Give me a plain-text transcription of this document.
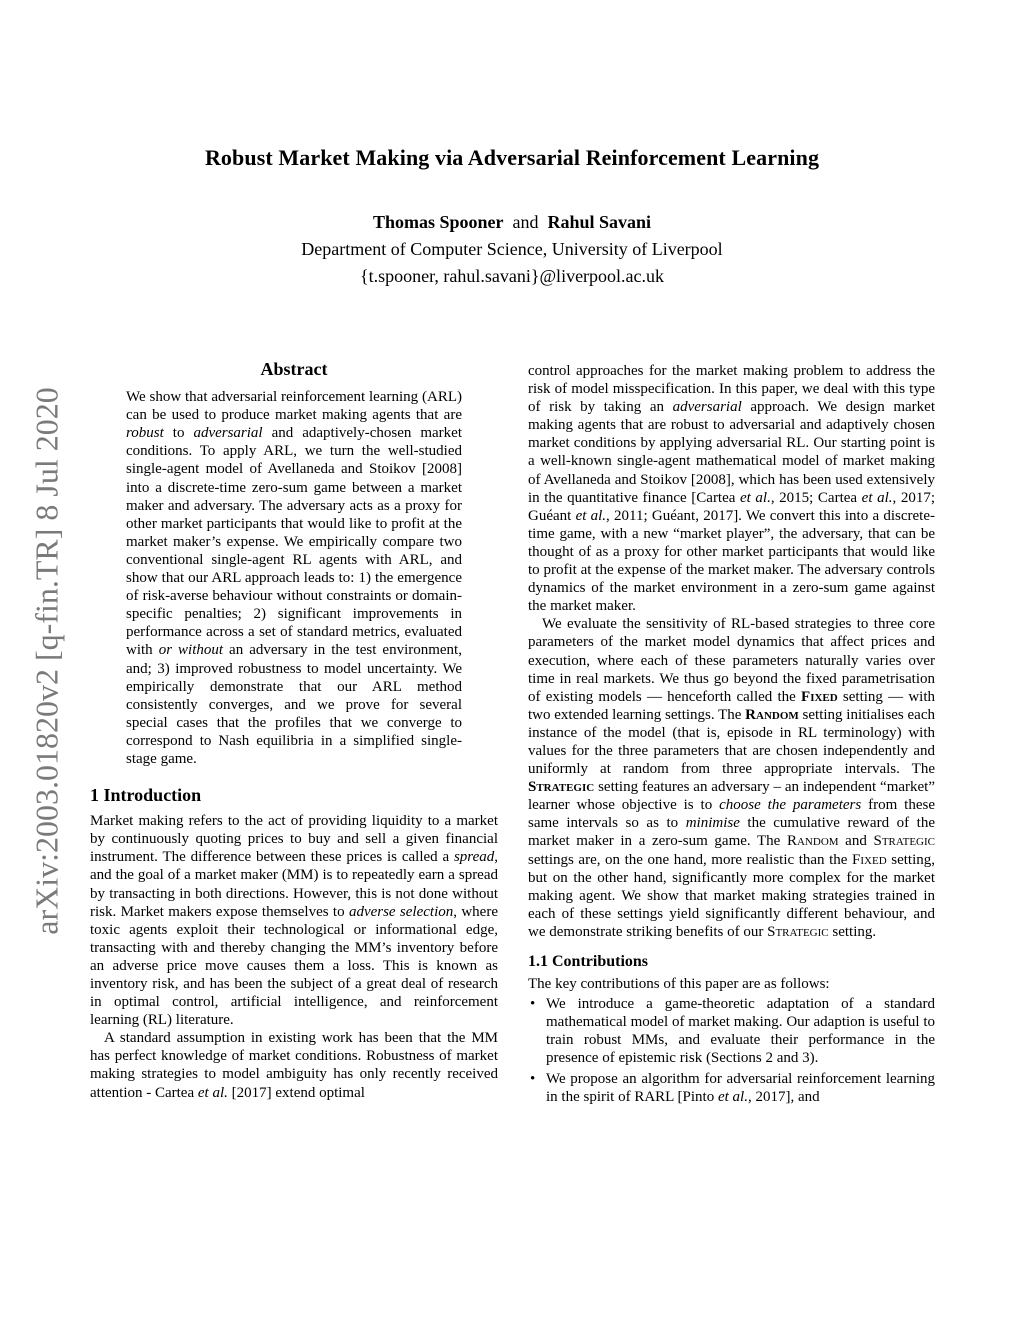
Robust Market Making via Adversarial Reinforcement Learning
Thomas Spooner and Rahul Savani
Department of Computer Science, University of Liverpool
{t.spooner, rahul.savani}@liverpool.ac.uk
arXiv:2003.01820v2 [q-fin.TR] 8 Jul 2020
Abstract

We show that adversarial reinforcement learning (ARL) can be used to produce market making agents that are robust to adversarial and adaptively-chosen market conditions. To apply ARL, we turn the well-studied single-agent model of Avellaneda and Stoikov [2008] into a discrete-time zero-sum game between a market maker and adversary. The adversary acts as a proxy for other market participants that would like to profit at the market maker’s expense. We empirically compare two conventional single-agent RL agents with ARL, and show that our ARL approach leads to: 1) the emergence of risk-averse behaviour without constraints or domain-specific penalties; 2) significant improvements in performance across a set of standard metrics, evaluated with or without an adversary in the test environment, and; 3) improved robustness to model uncertainty. We empirically demonstrate that our ARL method consistently converges, and we prove for several special cases that the profiles that we converge to correspond to Nash equilibria in a simplified single-stage game.

1 Introduction

Market making refers to the act of providing liquidity to a market by continuously quoting prices to buy and sell a given financial instrument. The difference between these prices is called a spread, and the goal of a market maker (MM) is to repeatedly earn a spread by transacting in both directions. However, this is not done without risk. Market makers expose themselves to adverse selection, where toxic agents exploit their technological or informational edge, transacting with and thereby changing the MM’s inventory before an adverse price move causes them a loss. This is known as inventory risk, and has been the subject of a great deal of research in optimal control, artificial intelligence, and reinforcement learning (RL) literature.

A standard assumption in existing work has been that the MM has perfect knowledge of market conditions. Robustness of market making strategies to model ambiguity has only recently received attention - Cartea et al. [2017] extend optimal

control approaches for the market making problem to address the risk of model misspecification. In this paper, we deal with this type of risk by taking an adversarial approach. We design market making agents that are robust to adversarial and adaptively chosen market conditions by applying adversarial RL. Our starting point is a well-known single-agent mathematical model of market making of Avellaneda and Stoikov [2008], which has been used extensively in the quantitative finance [Cartea et al., 2015; Cartea et al., 2017; Guéant et al., 2011; Guéant, 2017]. We convert this into a discrete-time game, with a new “market player”, the adversary, that can be thought of as a proxy for other market participants that would like to profit at the expense of the market maker. The adversary controls dynamics of the market environment in a zero-sum game against the market maker.

We evaluate the sensitivity of RL-based strategies to three core parameters of the market model dynamics that affect prices and execution, where each of these parameters naturally varies over time in real markets. We thus go beyond the fixed parametrisation of existing models — henceforth called the Fixed setting — with two extended learning settings. The Random setting initialises each instance of the model (that is, episode in RL terminology) with values for the three parameters that are chosen independently and uniformly at random from three appropriate intervals. The Strategic setting features an adversary – an independent “market” learner whose objective is to choose the parameters from these same intervals so as to minimise the cumulative reward of the market maker in a zero-sum game. The Random and Strategic settings are, on the one hand, more realistic than the Fixed setting, but on the other hand, significantly more complex for the market making agent. We show that market making strategies trained in each of these settings yield significantly different behaviour, and we demonstrate striking benefits of our Strategic setting.

1.1 Contributions

The key contributions of this paper are as follows:

• We introduce a game-theoretic adaptation of a standard mathematical model of market making. Our adaption is useful to train robust MMs, and evaluate their performance in the presence of epistemic risk (Sections 2 and 3).
• We propose an algorithm for adversarial reinforcement learning in the spirit of RARL [Pinto et al., 2017], and
